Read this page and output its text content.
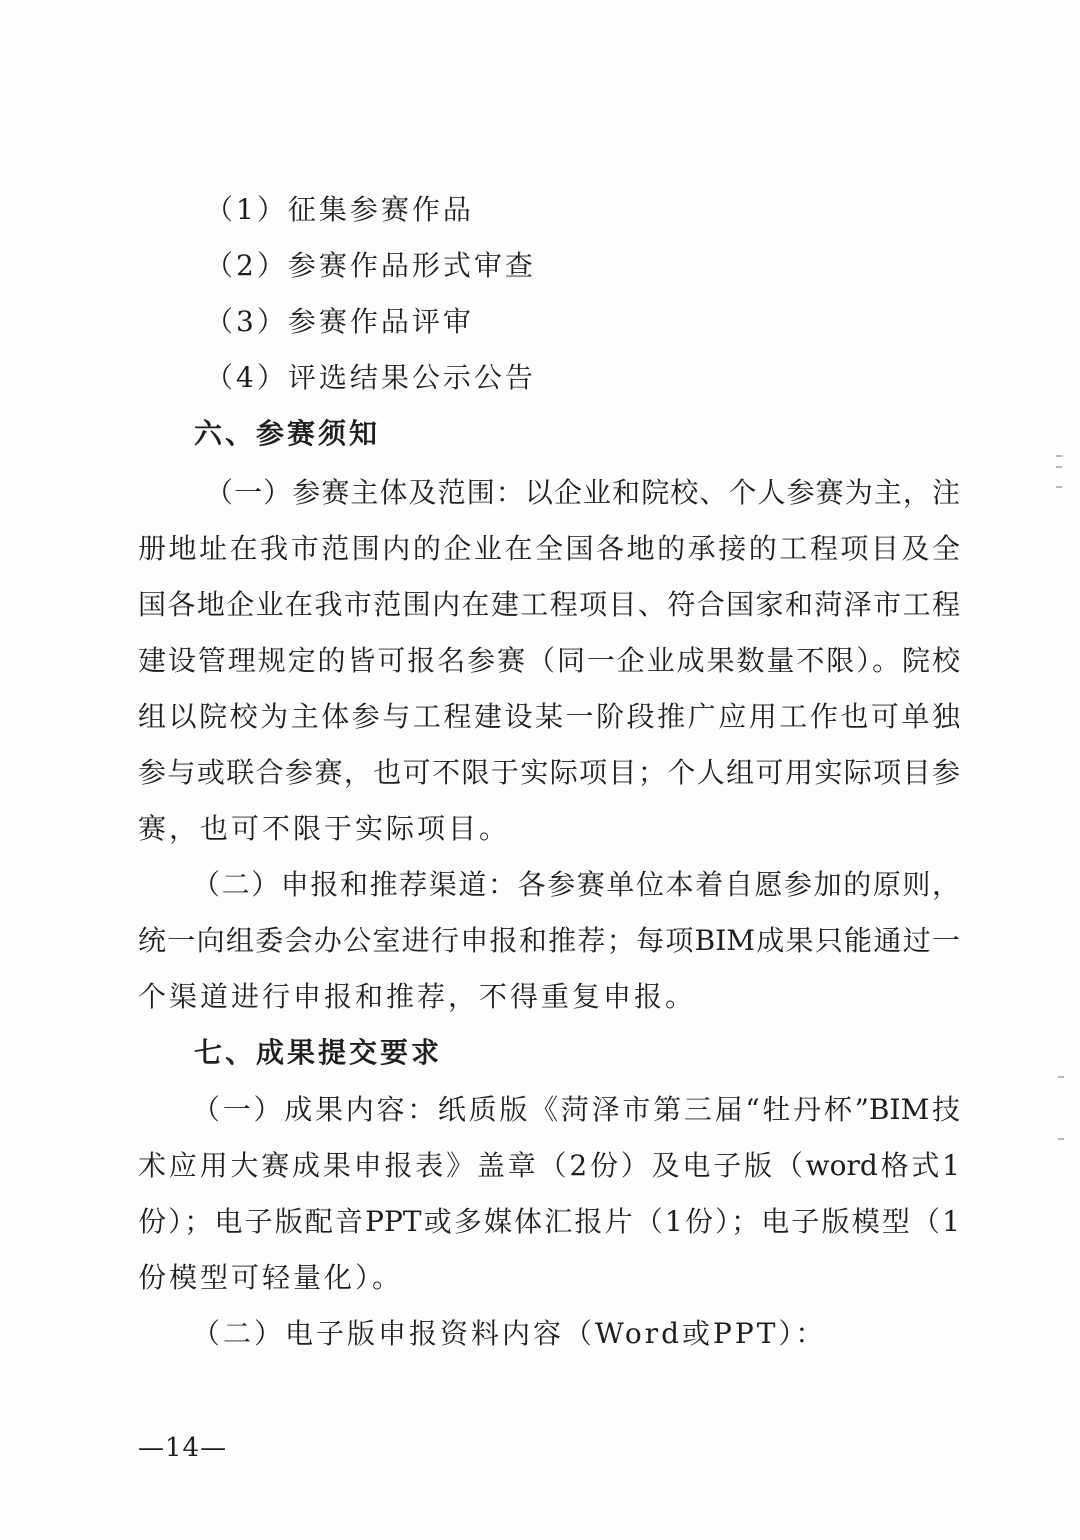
（1）征集参赛作品
（2）参赛作品形式审查
（3）参赛作品评审
（4）评选结果公示公告
六、参赛须知
（一）参赛主体及范围：以企业和院校、个人参赛为主，注
册地址在我市范围内的企业在全国各地的承接的工程项目及全
国各地企业在我市范围内在建工程项目、符合国家和菏泽市工程
建设管理规定的皆可报名参赛（同一企业成果数量不限）。院校
组以院校为主体参与工程建设某一阶段推广应用工作也可单独
参与或联合参赛，也可不限于实际项目；个人组可用实际项目参
赛，也可不限于实际项目。
（二）申报和推荐渠道：各参赛单位本着自愿参加的原则，
统一向组委会办公室进行申报和推荐；每项BIM成果只能通过一
个渠道进行申报和推荐，不得重复申报。
七、成果提交要求
（一）成果内容：纸质版《菏泽市第三届“牡丹杯”BIM技
术应用大赛成果申报表》盖章（2份）及电子版（word格式1
份）；电子版配音PPT或多媒体汇报片（1份）；电子版模型（1
份模型可轻量化）。
（二）电子版申报资料内容（Word或PPT）：
—14—
